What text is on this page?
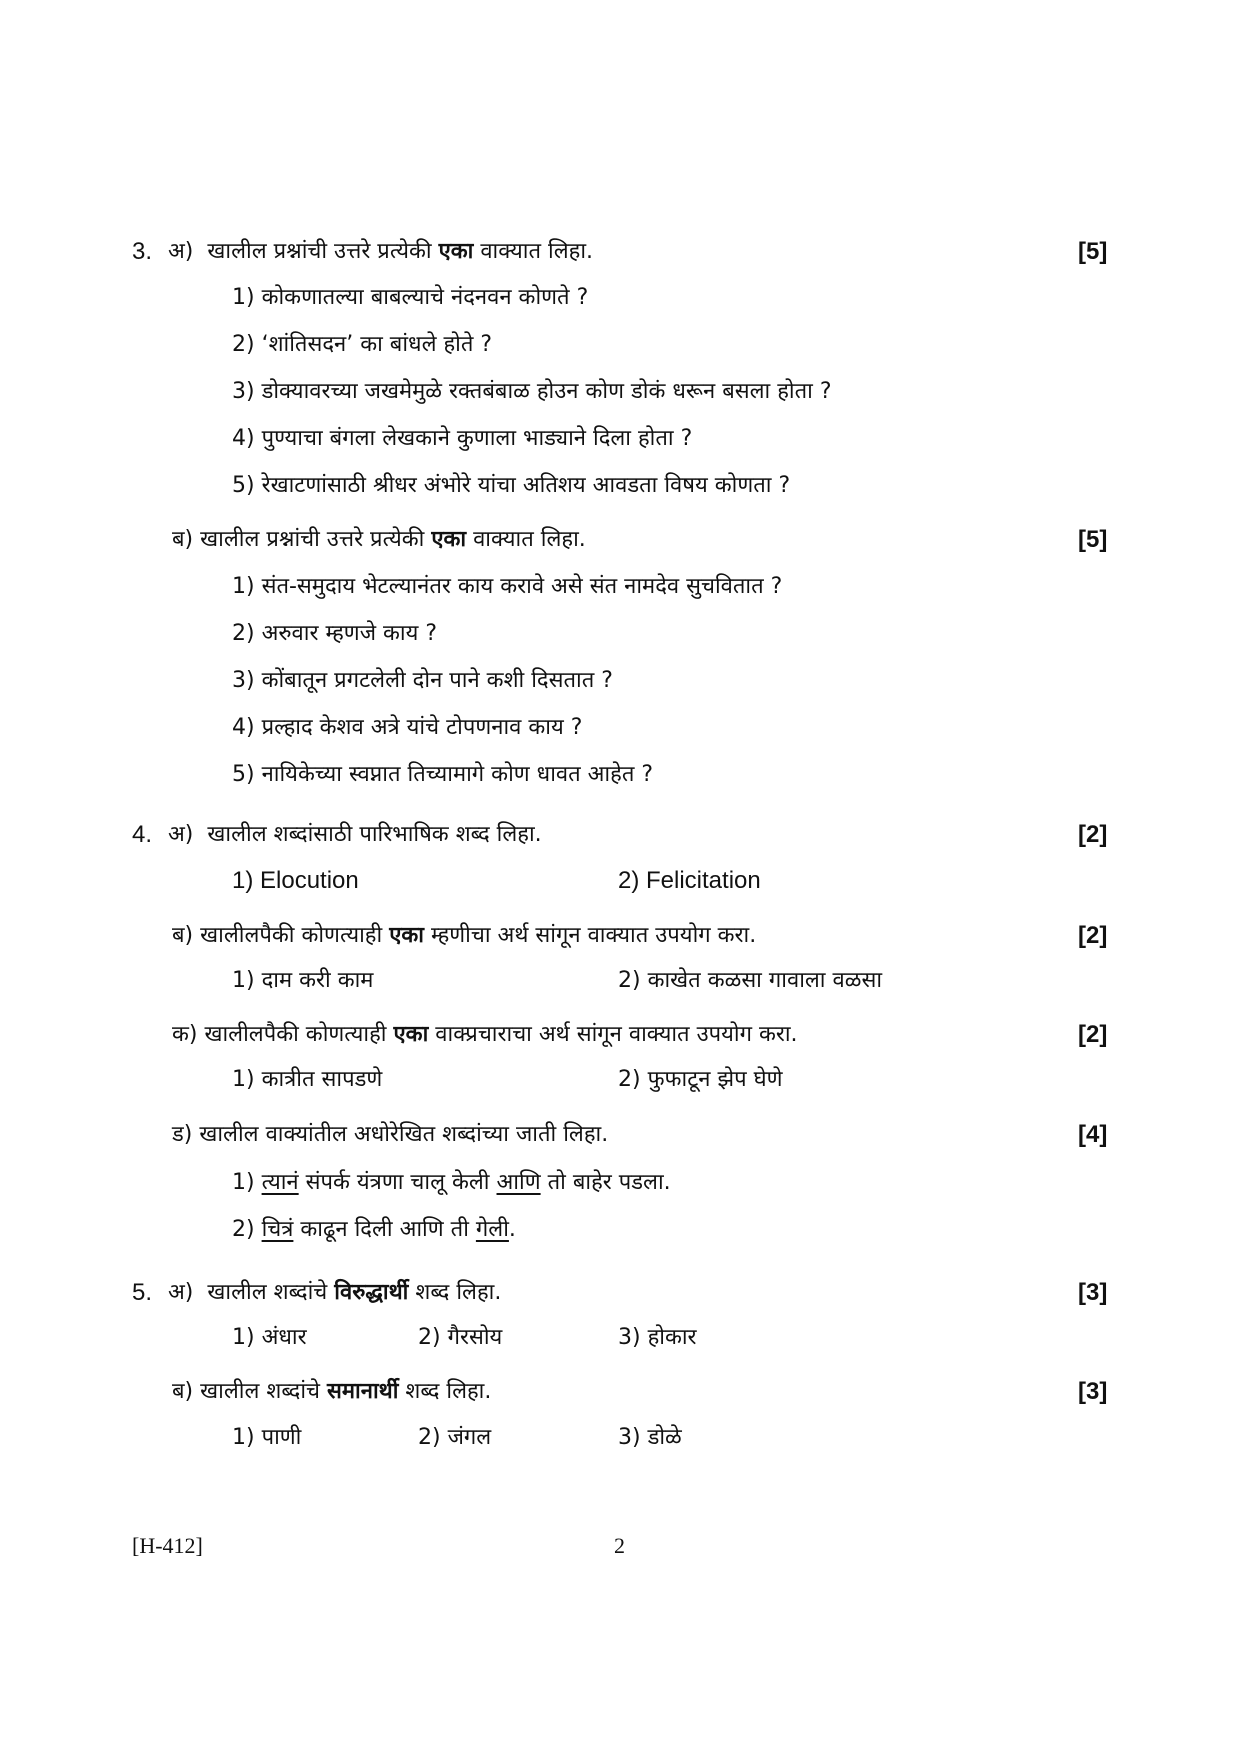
3. अ) खालील प्रश्नांची उत्तरे प्रत्येकी एका वाक्यात लिहा.	[5]
1) कोकणातल्या बाबल्याचे नंदनवन कोणते ?
2) ‘शांतिसदन’ का बांधले होते ?
3) डोक्यावरच्या जखमेमुळे रक्तबंबाळ होउन कोण डोकं धरून बसला होता ?
4) पुण्याचा बंगला लेखकाने कुणाला भाड्याने दिला होता ?
5) रेखाटणांसाठी श्रीधर अंभोरे यांचा अतिशय आवडता विषय कोणता ?
ब) खालील प्रश्नांची उत्तरे प्रत्येकी एका वाक्यात लिहा.	[5]
1) संत-समुदाय भेटल्यानंतर काय करावे असे संत नामदेव सुचवितात ?
2) अरुवार म्हणजे काय ?
3) कोंबातून प्रगटलेली दोन पाने कशी दिसतात ?
4) प्रल्हाद केशव अत्रे यांचे टोपणनाव काय ?
5) नायिकेच्या स्वप्नात तिच्यामागे कोण धावत आहेत ?
4. अ) खालील शब्दांसाठी पारिभाषिक शब्द लिहा.	[2]
1) Elocution	2) Felicitation
ब) खालीलपैकी कोणत्याही एका म्हणीचा अर्थ सांगून वाक्यात उपयोग करा.	[2]
1) दाम करी काम	2) काखेत कळसा गावाला वळसा
क) खालीलपैकी कोणत्याही एका वाक्प्रचाराचा अर्थ सांगून वाक्यात उपयोग करा.	[2]
1) कात्रीत सापडणे	2) फुफाटून झेप घेणे
ड) खालील वाक्यांतील अधोरेखित शब्दांच्या जाती लिहा.	[4]
1) त्यानं संपर्क यंत्रणा चालू केली आणि तो बाहेर पडला.
2) चित्रं काढून दिली आणि ती गेली.
5. अ) खालील शब्दांचे विरुद्धार्थी शब्द लिहा.	[3]
1) अंधार	2) गैरसोय	3) होकार
ब) खालील शब्दांचे समानार्थी शब्द लिहा.	[3]
1) पाणी	2) जंगल	3) डोळे
[H-412]	2
